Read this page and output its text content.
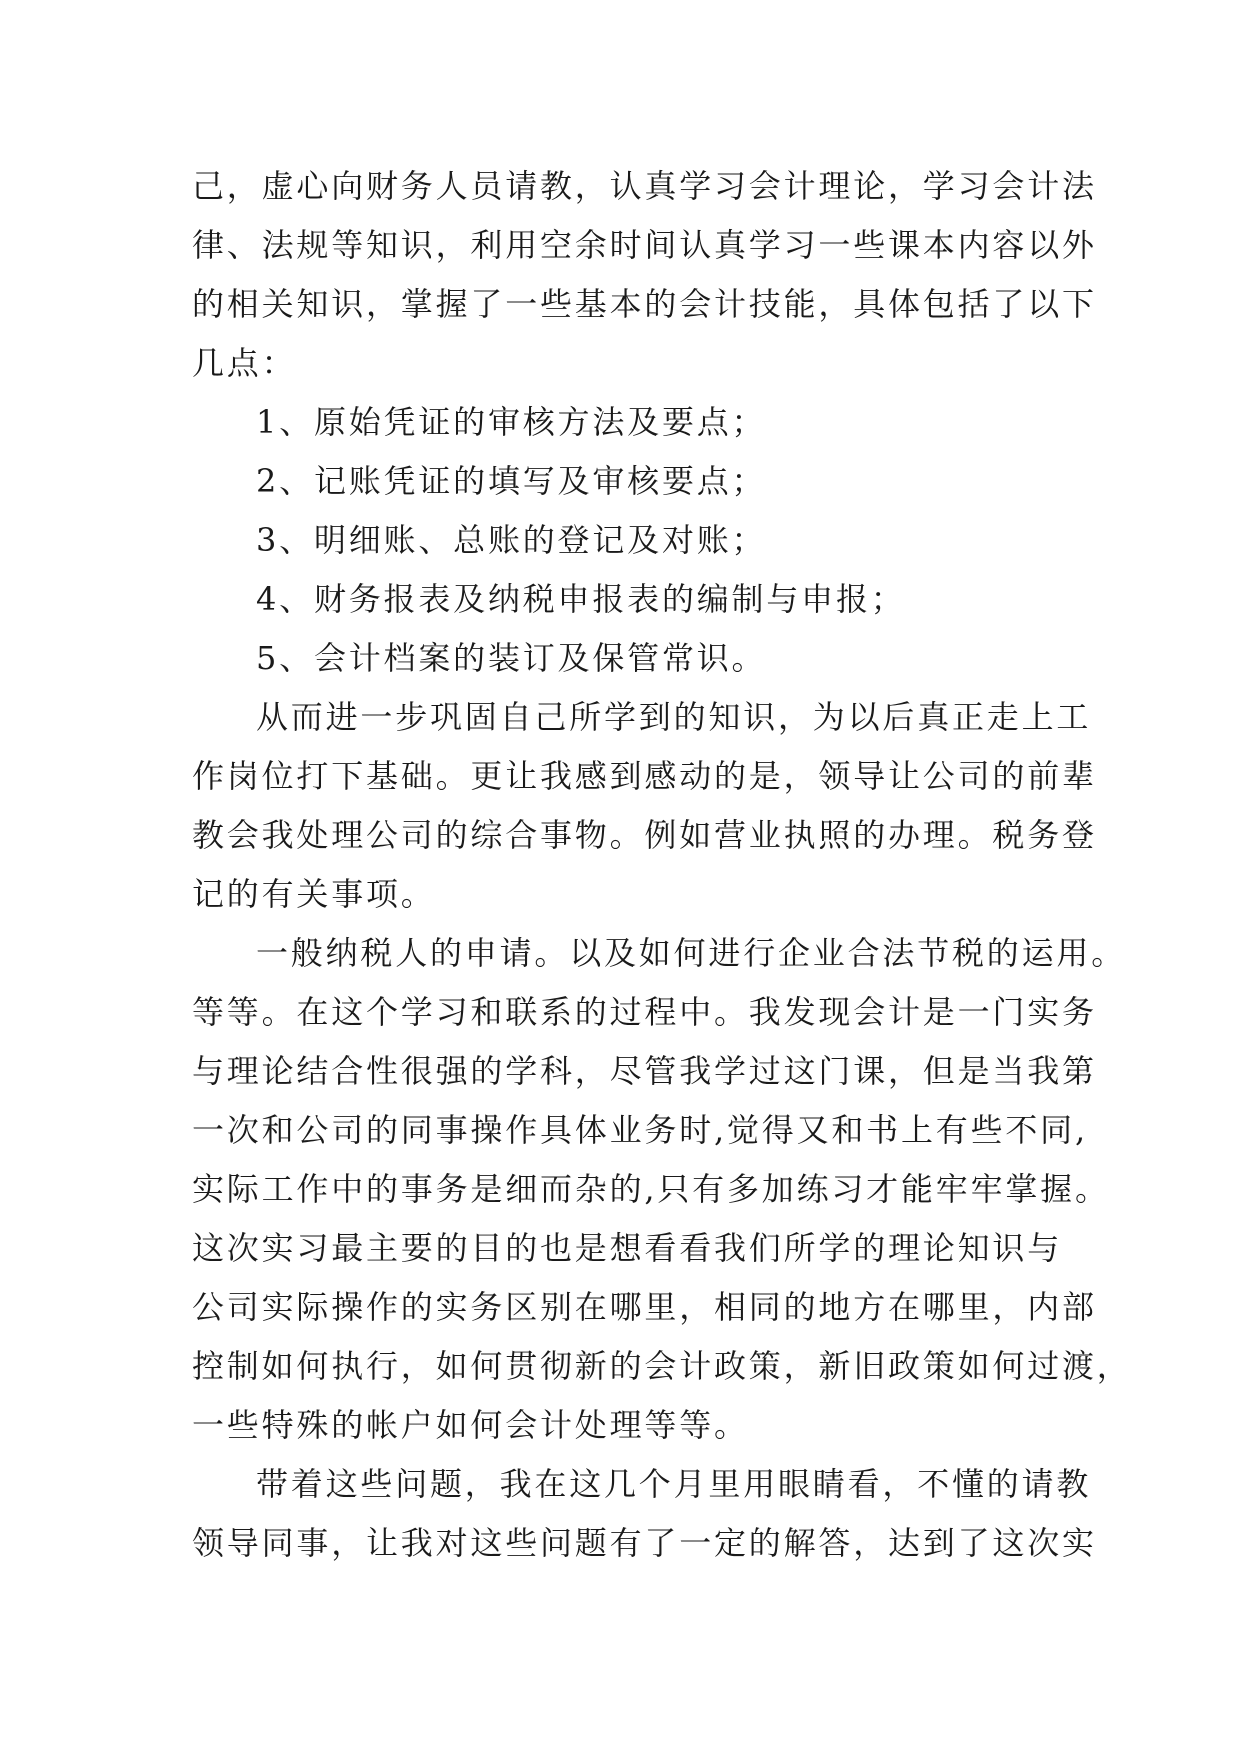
己，虚心向财务人员请教，认真学习会计理论，学习会计法
律、法规等知识，利用空余时间认真学习一些课本内容以外
的相关知识，掌握了一些基本的会计技能，具体包括了以下
几点：

1、原始凭证的审核方法及要点；

2、记账凭证的填写及审核要点；

3、明细账、总账的登记及对账；

4、财务报表及纳税申报表的编制与申报；

5、会计档案的装订及保管常识。

从而进一步巩固自己所学到的知识，为以后真正走上工
作岗位打下基础。更让我感到感动的是，领导让公司的前辈
教会我处理公司的综合事物。例如营业执照的办理。税务登
记的有关事项。

一般纳税人的申请。以及如何进行企业合法节税的运用。
等等。在这个学习和联系的过程中。我发现会计是一门实务
与理论结合性很强的学科，尽管我学过这门课，但是当我第
一次和公司的同事操作具体业务时,觉得又和书上有些不同,
实际工作中的事务是细而杂的,只有多加练习才能牢牢掌握。
这次实习最主要的目的也是想看看我们所学的理论知识与
公司实际操作的实务区别在哪里，相同的地方在哪里，内部
控制如何执行，如何贯彻新的会计政策，新旧政策如何过渡，
一些特殊的帐户如何会计处理等等。

带着这些问题，我在这几个月里用眼睛看，不懂的请教
领导同事，让我对这些问题有了一定的解答，达到了这次实
